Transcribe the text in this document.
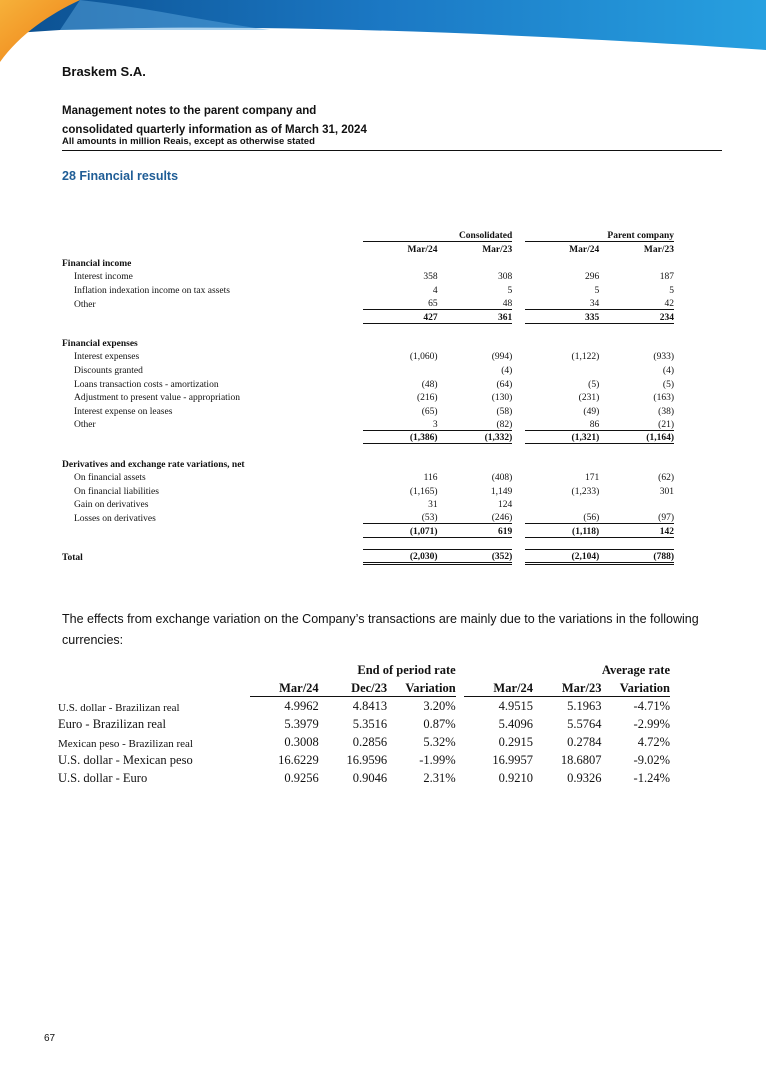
Braskem S.A.
Management notes to the parent company and
consolidated quarterly information as of March 31, 2024
All amounts in million Reais, except as otherwise stated
28 Financial results
		Consolidated			Parent company	
		Mar/24	Mar/23		Mar/24	Mar/23
Financial income						
Interest income		358	308		296	187
Inflation indexation income on tax assets		4	5		5	5
Other		65	48		34	42
		427	361		335	234

Financial expenses						
Interest expenses		(1,060)	(994)		(1,122)	(933)
Discounts granted			(4)			(4)
Loans transaction costs - amortization		(48)	(64)		(5)	(5)
Adjustment to present value - appropriation		(216)	(130)		(231)	(163)
Interest expense on leases		(65)	(58)		(49)	(38)
Other		3	(82)		86	(21)
		(1,386)	(1,332)		(1,321)	(1,164)

Derivatives and exchange rate variations, net						
On financial assets		116	(408)		171	(62)
On financial liabilities		(1,165)	1,149		(1,233)	301
Gain on derivatives		31	124			
Losses on derivatives		(53)	(246)		(56)	(97)
		(1,071)	619		(1,118)	142

Total		(2,030)	(352)		(2,104)	(788)
The effects from exchange variation on the Company’s transactions are mainly due to the variations in the following currencies:
	End of period rate				Average rate		
	Mar/24	Dec/23	Variation		Mar/24	Mar/23	Variation
U.S. dollar - Brazilizan real	4.9962	4.8413	3.20%		4.9515	5.1963	-4.71%
Euro - Brazilizan real	5.3979	5.3516	0.87%		5.4096	5.5764	-2.99%
Mexican peso - Brazilizan real	0.3008	0.2856	5.32%		0.2915	0.2784	4.72%
U.S. dollar - Mexican peso	16.6229	16.9596	-1.99%		16.9957	18.6807	-9.02%
U.S. dollar - Euro	0.9256	0.9046	2.31%		0.9210	0.9326	-1.24%
67
